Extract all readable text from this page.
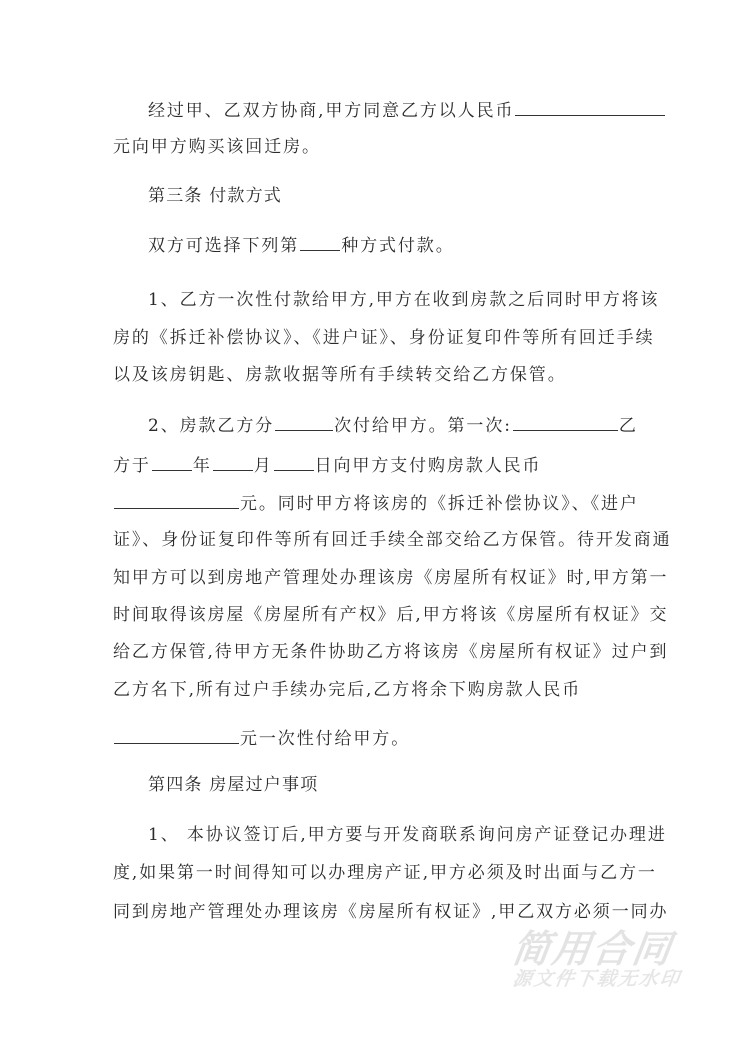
经过甲、乙双方协商,甲方同意乙方以人民币
元向甲方购买该回迁房。
第三条 付款方式
双方可选择下列第 种方式付款。
1、乙方一次性付款给甲方,甲方在收到房款之后同时甲方将该
房的《拆迁补偿协议》、《进户证》、身份证复印件等所有回迁手续
以及该房钥匙、房款收据等所有手续转交给乙方保管。
2、房款乙方分	次付给甲方。第一次:	乙
方于 年 月 日向甲方支付购房款人民币
元。同时甲方将该房的《拆迁补偿协议》、《进户
证》、身份证复印件等所有回迁手续全部交给乙方保管。待开发商通
知甲方可以到房地产管理处办理该房《房屋所有权证》时,甲方第一
时间取得该房屋《房屋所有产权》后,甲方将该《房屋所有权证》交
给乙方保管,待甲方无条件协助乙方将该房《房屋所有权证》过户到
乙方名下,所有过户手续办完后,乙方将余下购房款人民币
元一次性付给甲方。
第四条 房屋过户事项
1、 本协议签订后,甲方要与开发商联系询问房产证登记办理进
度,如果第一时间得知可以办理房产证,甲方必须及时出面与乙方一
同到房地产管理处办理该房《房屋所有权证》,甲乙双方必须一同办
简用合同
源文件下载无水印
